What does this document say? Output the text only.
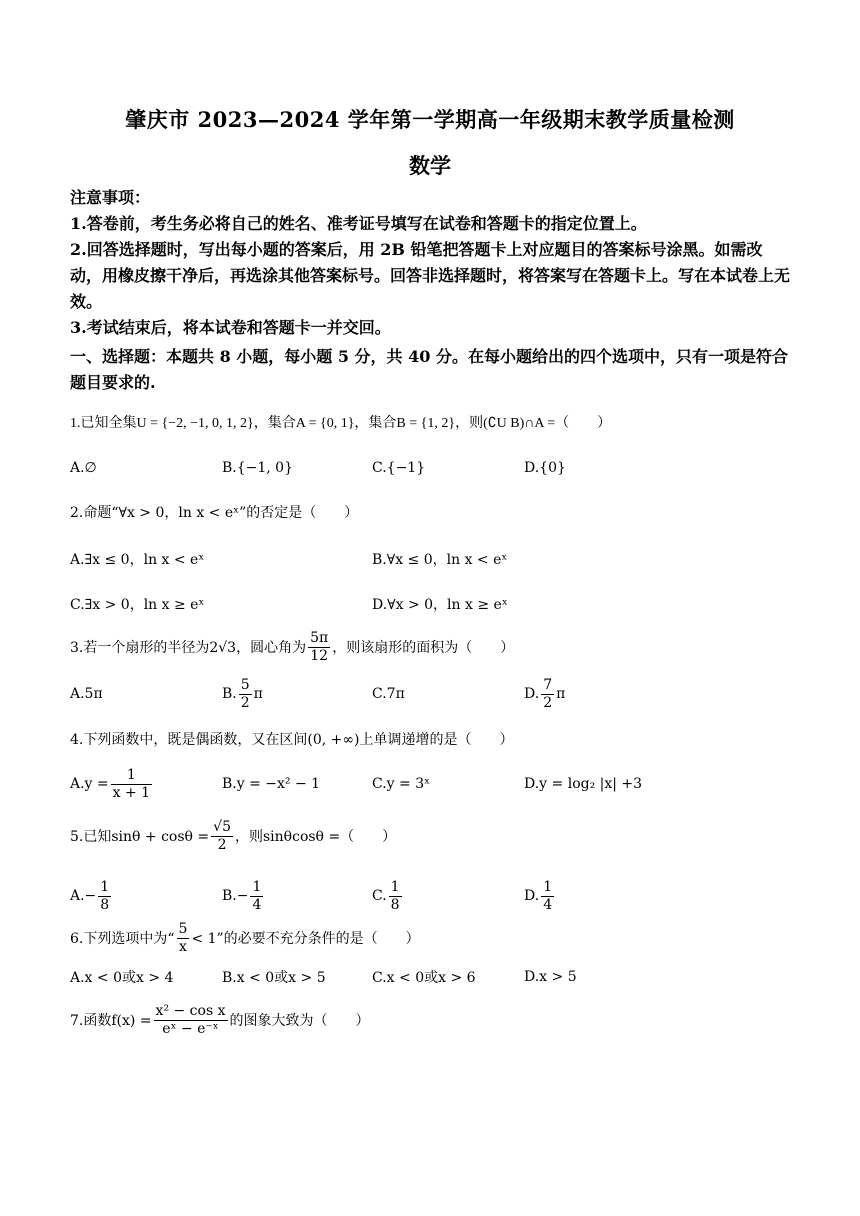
肇庆市 2023—2024 学年第一学期高一年级期末教学质量检测
数学

注意事项：

1.答卷前，考生务必将自己的姓名、准考证号填写在试卷和答题卡的指定位置上。

2.回答选择题时，写出每小题的答案后，用 2B 铅笔把答题卡上对应题目的答案标号涂黑。如需改动，用橡皮擦干净后，再选涂其他答案标号。回答非选择题时，将答案写在答题卡上。写在本试卷上无效。

3.考试结束后，将本试卷和答题卡一并交回。

一、选择题：本题共 8 小题，每小题 5 分，共 40 分。在每小题给出的四个选项中，只有一项是符合题目要求的.
1.已知全集U = {−2, −1, 0, 1, 2}，集合A = {0, 1}，集合B = {1, 2}，则(∁U B)∩A =（　　）
A.∅	B.{−1, 0}	C.{−1}	D.{0}
2.命题“∀x > 0，ln x < eˣ”的否定是（　　）
A.∃x ≤ 0，ln x < eˣ	B.∀x ≤ 0，ln x < eˣ
C.∃x > 0，ln x ≥ eˣ	D.∀x > 0，ln x ≥ eˣ
3.若一个扇形的半径为2√3，圆心角为 $\frac{5\pi}{12}$ ，则该扇形的面积为（　　）
A.5π	B. $\frac{5}{2}$ π	C.7π	D. $\frac{7}{2}$ π
4.下列函数中，既是偶函数，又在区间(0, +∞)上单调递增的是（　　）
$A.y = \frac{1}{x + 1}$	B.y = −x² − 1	C.y = 3ˣ	D.y = log₂ |x| +3
5.已知$\sin\theta + \cos\theta = \frac{√5}{2}$ ，则sinθcosθ =（　　）
$A.- \frac{1}{8}$	$B.- \frac{1}{4}$	C. $\frac{1}{8}$	D. $\frac{1}{4}$
6.下列选项中为“ $\frac{5}{x} < 1$”的必要不充分条件的是（　　）
A.x < 0或x > 4	B.x < 0或x > 5	C.x < 0或x > 6	D.x > 5
7.函数$f(x) = \frac{\text{x² − cos x}}{\text{eˣ − e⁻ˣ}}$ 的图象大致为（　　）
